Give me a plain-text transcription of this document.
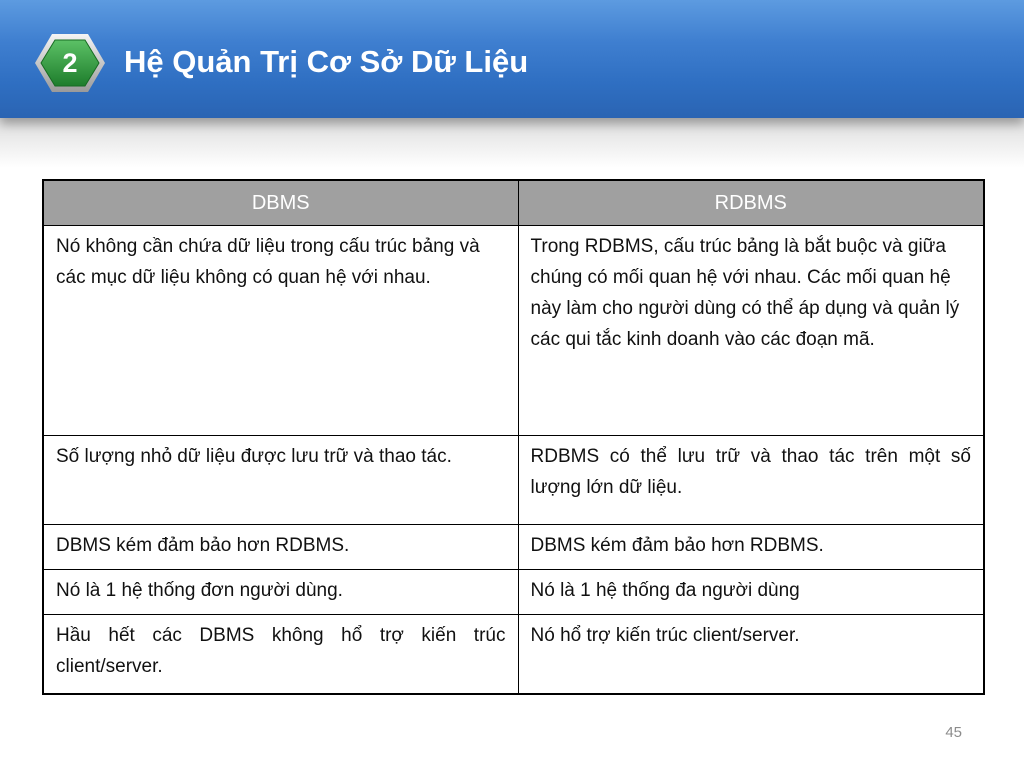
2	Hệ Quản Trị Cơ Sở Dữ Liệu
DBMS	RDBMS
Nó không cần chứa dữ liệu trong cấu trúc bảng và các mục dữ liệu không có quan hệ với nhau.	Trong RDBMS, cấu trúc bảng là bắt buộc và giữa chúng có mối quan hệ với nhau. Các mối quan hệ này làm cho người dùng có thể áp dụng và quản lý các qui tắc kinh doanh vào các đoạn mã.
Số lượng nhỏ dữ liệu được lưu trữ và thao tác.	RDBMS có thể lưu trữ và thao tác trên một số lượng lớn dữ liệu.
DBMS kém đảm bảo hơn RDBMS.	DBMS kém đảm bảo hơn RDBMS.
Nó là 1 hệ thống đơn người dùng.	Nó là 1 hệ thống đa người dùng
Hầu hết các DBMS không hổ trợ kiến trúc client/server.	Nó hổ trợ kiến trúc client/server.
45
